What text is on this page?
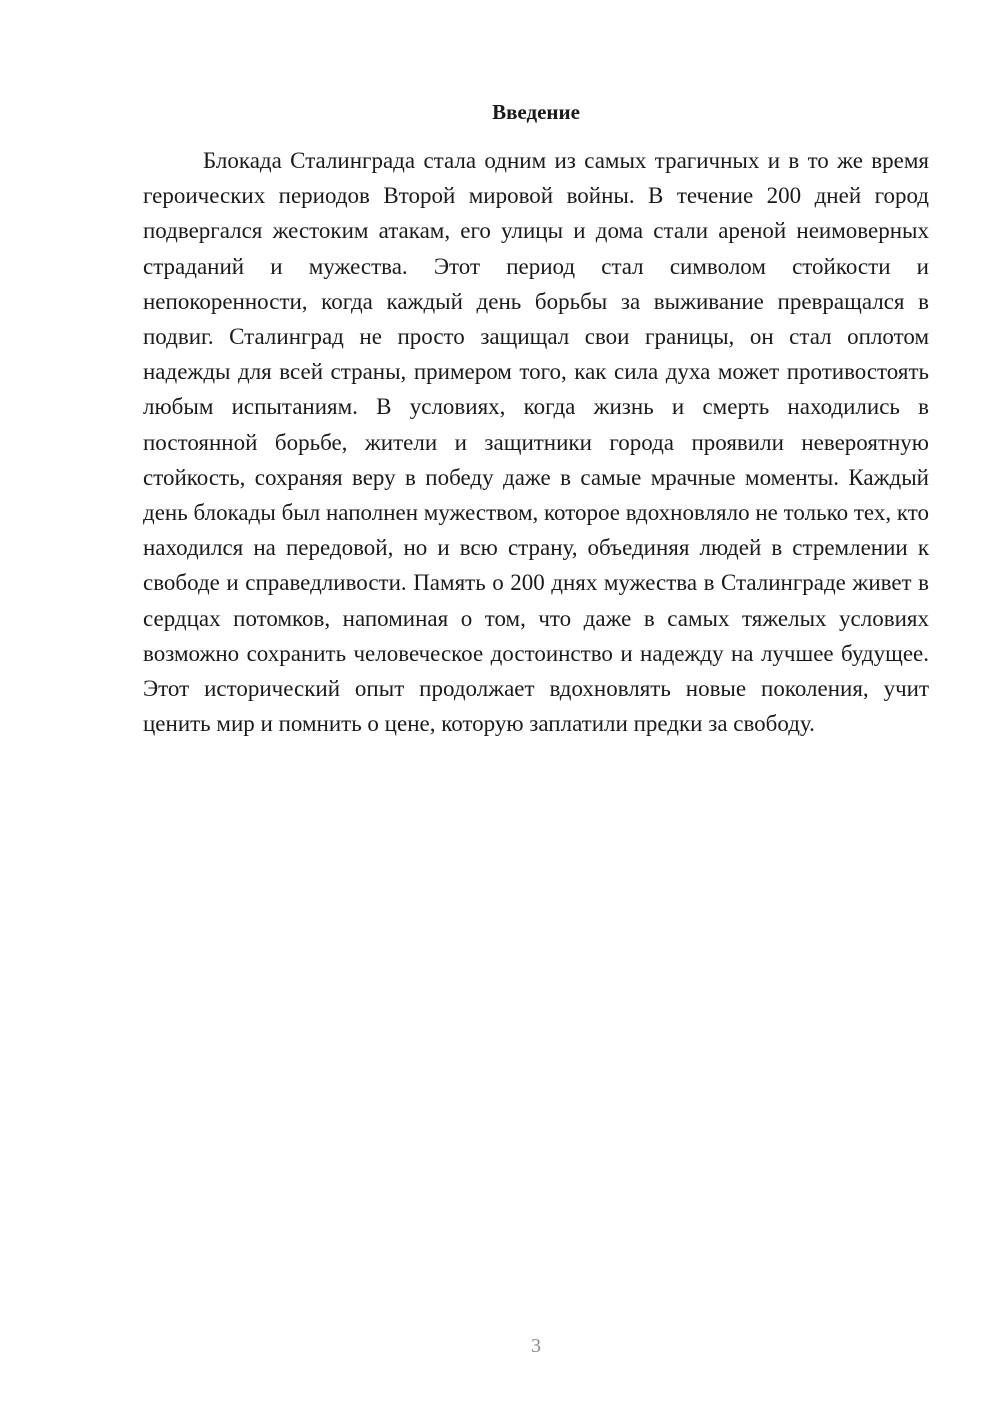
Введение

Блокада Сталинграда стала одним из самых трагичных и в то же время героических периодов Второй мировой войны. В течение 200 дней город подвергался жестоким атакам, его улицы и дома стали ареной неимоверных страданий и мужества. Этот период стал символом стойкости и непокоренности, когда каждый день борьбы за выживание превращался в подвиг. Сталинград не просто защищал свои границы, он стал оплотом надежды для всей страны, примером того, как сила духа может противостоять любым испытаниям. В условиях, когда жизнь и смерть находились в постоянной борьбе, жители и защитники города проявили невероятную стойкость, сохраняя веру в победу даже в самые мрачные моменты. Каждый день блокады был наполнен мужеством, которое вдохновляло не только тех, кто находился на передовой, но и всю страну, объединяя людей в стремлении к свободе и справедливости. Память о 200 днях мужества в Сталинграде живет в сердцах потомков, напоминая о том, что даже в самых тяжелых условиях возможно сохранить человеческое достоинство и надежду на лучшее будущее. Этот исторический опыт продолжает вдохновлять новые поколения, учит ценить мир и помнить о цене, которую заплатили предки за свободу.

3
